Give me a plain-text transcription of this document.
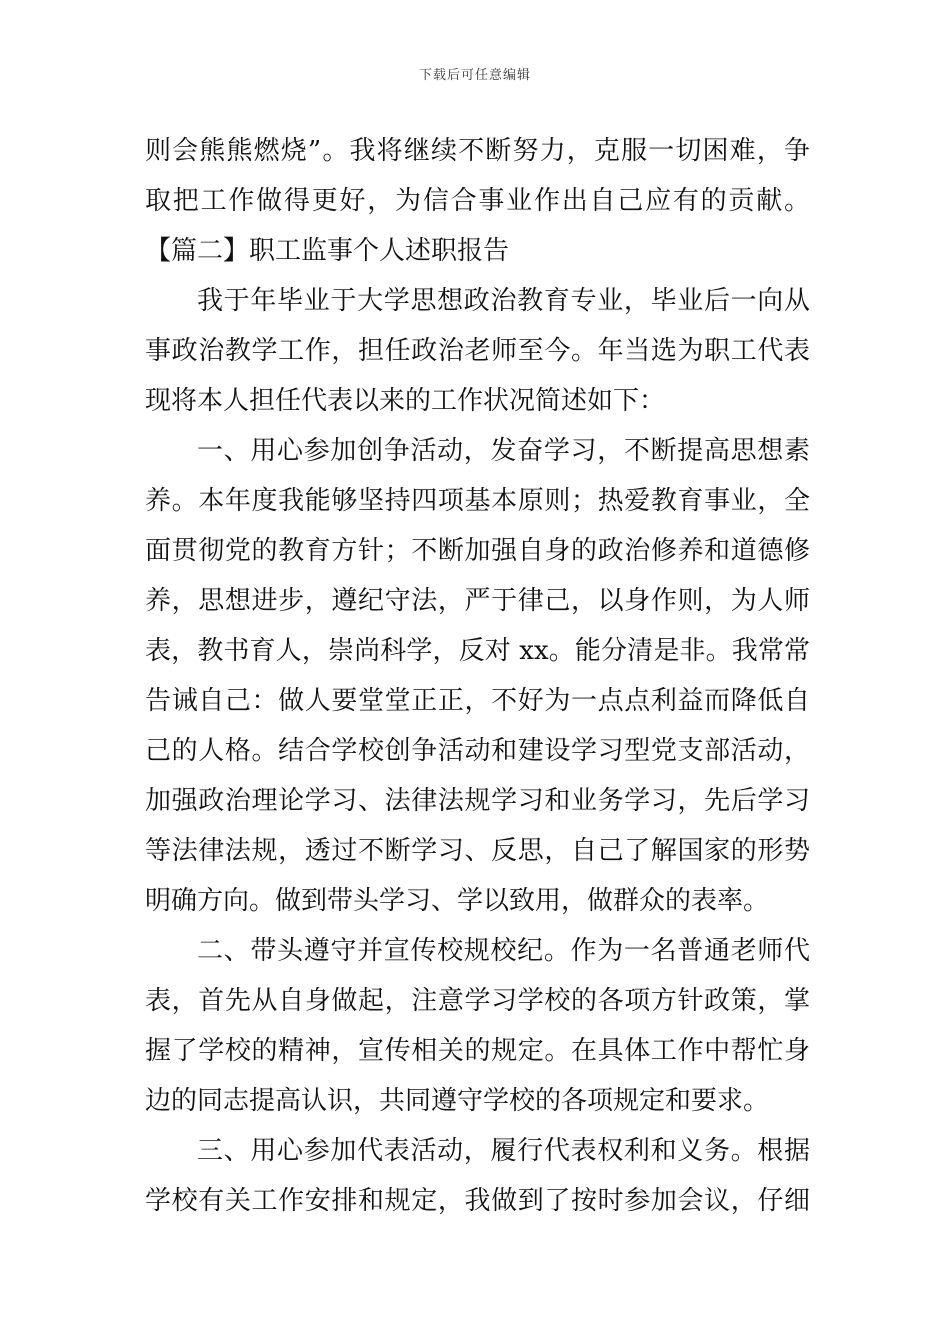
下载后可任意编辑
则会熊熊燃烧”。我将继续不断努力，克服一切困难，争
取把工作做得更好，为信合事业作出自己应有的贡献。
【篇二】职工监事个人述职报告
我于年毕业于大学思想政治教育专业，毕业后一向从
事政治教学工作，担任政治老师至今。年当选为职工代表
现将本人担任代表以来的工作状况简述如下：
一、用心参加创争活动，发奋学习，不断提高思想素
养。本年度我能够坚持四项基本原则；热爱教育事业，全
面贯彻党的教育方针；不断加强自身的政治修养和道德修
养，思想进步，遵纪守法，严于律己，以身作则，为人师
表，教书育人，崇尚科学，反对 xx。能分清是非。我常常
告诫自己：做人要堂堂正正，不好为一点点利益而降低自
己的人格。结合学校创争活动和建设学习型党支部活动，
加强政治理论学习、法律法规学习和业务学习，先后学习
等法律法规，透过不断学习、反思，自己了解国家的形势
明确方向。做到带头学习、学以致用，做群众的表率。
二、带头遵守并宣传校规校纪。作为一名普通老师代
表，首先从自身做起，注意学习学校的各项方针政策，掌
握了学校的精神，宣传相关的规定。在具体工作中帮忙身
边的同志提高认识，共同遵守学校的各项规定和要求。
三、用心参加代表活动，履行代表权利和义务。根据
学校有关工作安排和规定，我做到了按时参加会议，仔细
